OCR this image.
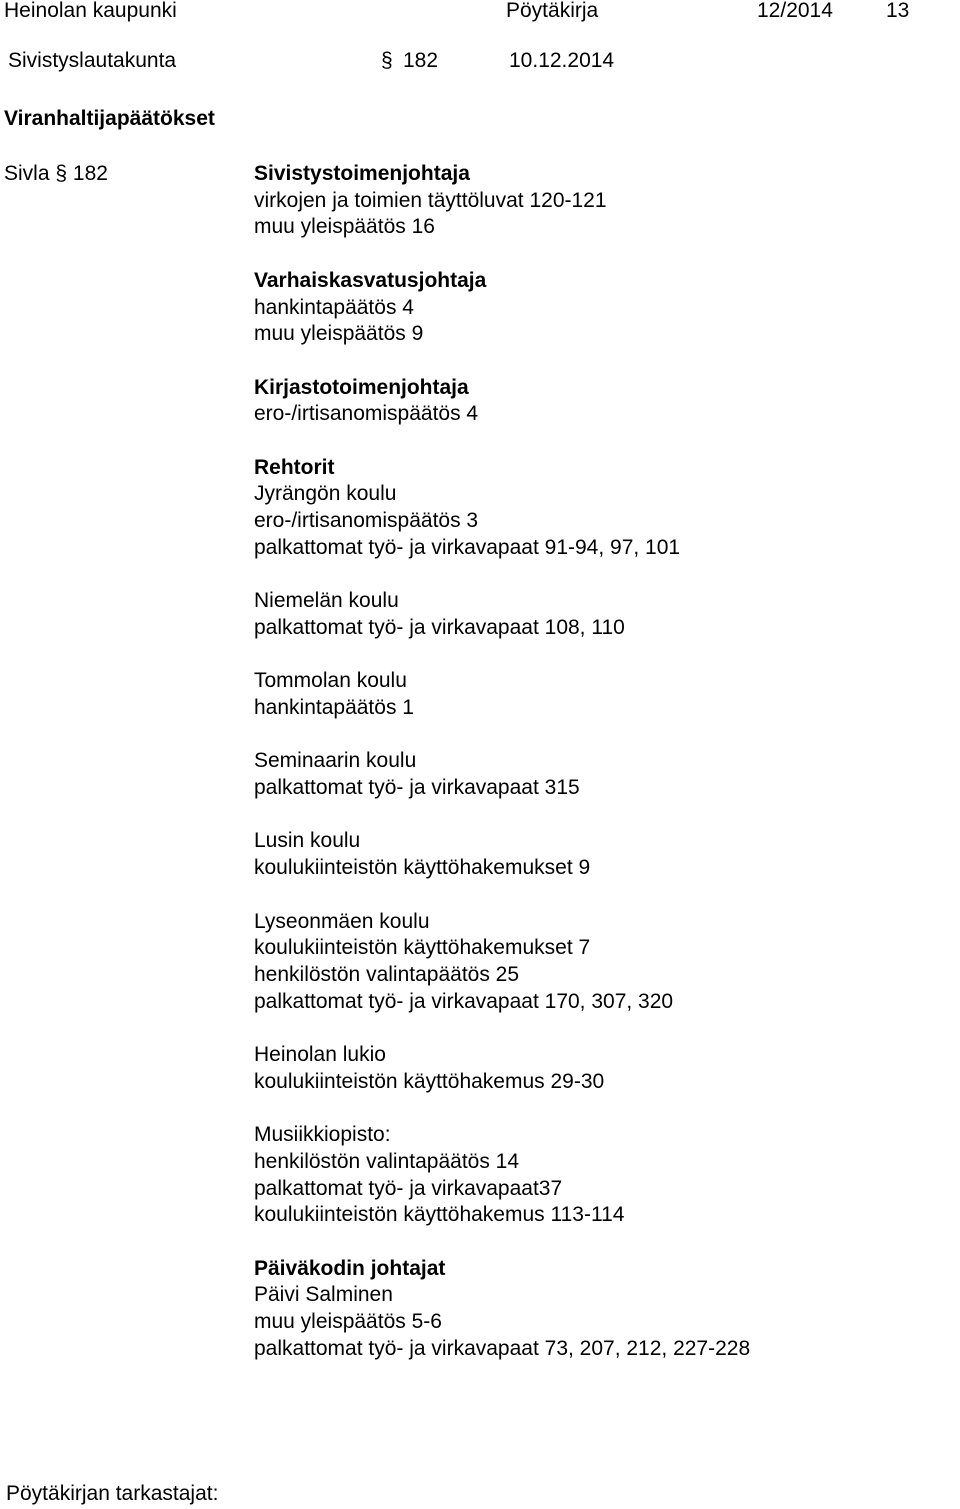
Heinolan kaupunki	Pöytäkirja	12/2014	13
Sivistyslautakunta	§ 182	10.12.2014
Viranhaltijapäätökset
Sivla § 182	Sivistystoimenjohtaja
virkojen ja toimien täyttöluvat 120-121
muu yleispäätös 16
Varhaiskasvatusjohtaja
hankintapäätös 4
muu yleispäätös 9
Kirjastotoimenjohtaja
ero-/irtisanomispäätös 4
Rehtorit
Jyrängön koulu
ero-/irtisanomispäätös 3
palkattomat työ- ja virkavapaat 91-94, 97, 101
Niemelän koulu
palkattomat työ- ja virkavapaat 108, 110
Tommolan koulu
hankintapäätös 1
Seminaarin koulu
palkattomat työ- ja virkavapaat 315
Lusin koulu
koulukiinteistön käyttöhakemukset 9
Lyseonmäen koulu
koulukiinteistön käyttöhakemukset 7
henkilöstön valintapäätös 25
palkattomat työ- ja virkavapaat 170, 307, 320
Heinolan lukio
koulukiinteistön käyttöhakemus 29-30
Musiikkiopisto:
henkilöstön valintapäätös 14
palkattomat työ- ja virkavapaat37
koulukiinteistön käyttöhakemus 113-114
Päiväkodin johtajat
Päivi Salminen
muu yleispäätös 5-6
palkattomat työ- ja virkavapaat 73, 207, 212, 227-228
Pöytäkirjan tarkastajat:
